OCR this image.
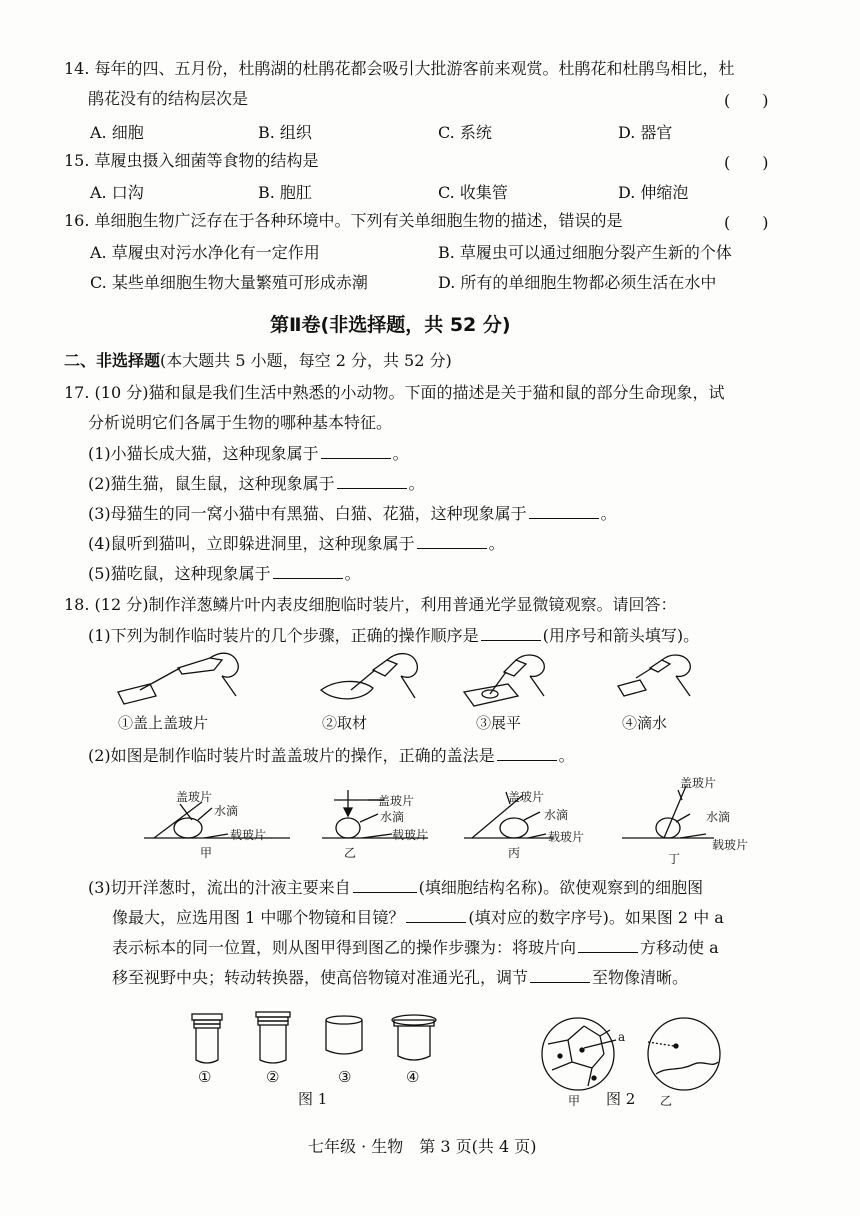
14. 每年的四、五月份，杜鹃湖的杜鹃花都会吸引大批游客前来观赏。杜鹃花和杜鹃鸟相比，杜
鹃花没有的结构层次是	(　　)
A. 细胞	B. 组织	C. 系统	D. 器官
15. 草履虫摄入细菌等食物的结构是	(　　)
A. 口沟	B. 胞肛	C. 收集管	D. 伸缩泡
16. 单细胞生物广泛存在于各种环境中。下列有关单细胞生物的描述，错误的是	(　　)
A. 草履虫对污水净化有一定作用	B. 草履虫可以通过细胞分裂产生新的个体
C. 某些单细胞生物大量繁殖可形成赤潮	D. 所有的单细胞生物都必须生活在水中
第Ⅱ卷(非选择题，共 52 分)
二、非选择题(本大题共 5 小题，每空 2 分，共 52 分)
17. (10 分)猫和鼠是我们生活中熟悉的小动物。下面的描述是关于猫和鼠的部分生命现象，试
分析说明它们各属于生物的哪种基本特征。
(1)小猫长成大猫，这种现象属于	。
(2)猫生猫，鼠生鼠，这种现象属于	。
(3)母猫生的同一窝小猫中有黑猫、白猫、花猫，这种现象属于	。
(4)鼠听到猫叫，立即躲进洞里，这种现象属于	。
(5)猫吃鼠，这种现象属于	。
18. (12 分)制作洋葱鳞片叶内表皮细胞临时装片，利用普通光学显微镜观察。请回答：
(1)下列为制作临时装片的几个步骤，正确的操作顺序是	(用序号和箭头填写)。
①盖上盖玻片	②取材	③展平	④滴水
(2)如图是制作临时装片时盖盖玻片的操作，正确的盖法是	。
盖玻片
水滴
载玻片
甲
盖玻片
水滴
载玻片
乙
盖玻片
水滴
载玻片
丙
盖玻片
水滴
载玻片
丁
(3)切开洋葱时，流出的汁液主要来自	(填细胞结构名称)。欲使观察到的细胞图
像最大，应选用图 1 中哪个物镜和目镜？	(填对应的数字序号)。如果图 2 中 a
表示标本的同一位置，则从图甲得到图乙的操作步骤为：将玻片向	方移动使 a
移至视野中央；转动转换器，使高倍物镜对准通光孔，调节	至物像清晰。
①	②	③	④
图 1
a
甲	乙
图 2
七年级 · 生物　第 3 页(共 4 页)
